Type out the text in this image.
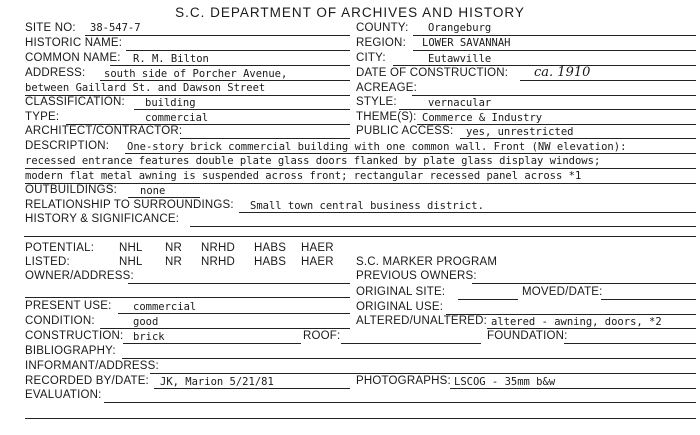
S.C. DEPARTMENT OF ARCHIVES AND HISTORY
SITE NO: 38-547-7	COUNTY: Orangeburg
HISTORIC NAME:	REGION: LOWER SAVANNAH
COMMON NAME: R. M. Bilton	CITY:	Eutawville
ADDRESS: south side of Porcher Avenue,	DATE OF CONSTRUCTION: ca. 1910
between Gaillard St. and Dawson Street	ACREAGE:
CLASSIFICATION: building	STYLE:	vernacular
TYPE:	commercial	THEME(S): Commerce & Industry
ARCHITECT/CONTRACTOR:	PUBLIC ACCESS: yes, unrestricted
DESCRIPTION: One-story brick commercial building with one common wall. Front (NW elevation):
recessed entrance features double plate glass doors flanked by plate glass display windows;
modern flat metal awning is suspended across front; rectangular recessed panel across *1
OUTBUILDINGS: none
RELATIONSHIP TO SURROUNDINGS: Small town central business district.
HISTORY & SIGNIFICANCE:
POTENTIAL: NHL NR NRHD HABS HAER
LISTED:	NHL NR NRHD HABS HAER S.C. MARKER PROGRAM
OWNER/ADDRESS:	PREVIOUS OWNERS:
ORIGINAL SITE:	MOVED/DATE:
PRESENT USE: commercial	ORIGINAL USE:
CONDITION:	good	ALTERED/UNALTERED: altered - awning, doors, *2
CONSTRUCTION: brick	ROOF:	FOUNDATION:
BIBLIOGRAPHY:
INFORMANT/ADDRESS:
RECORDED BY/DATE: JK, Marion 5/21/81	PHOTOGRAPHS: LSCOG - 35mm b&w
EVALUATION:
